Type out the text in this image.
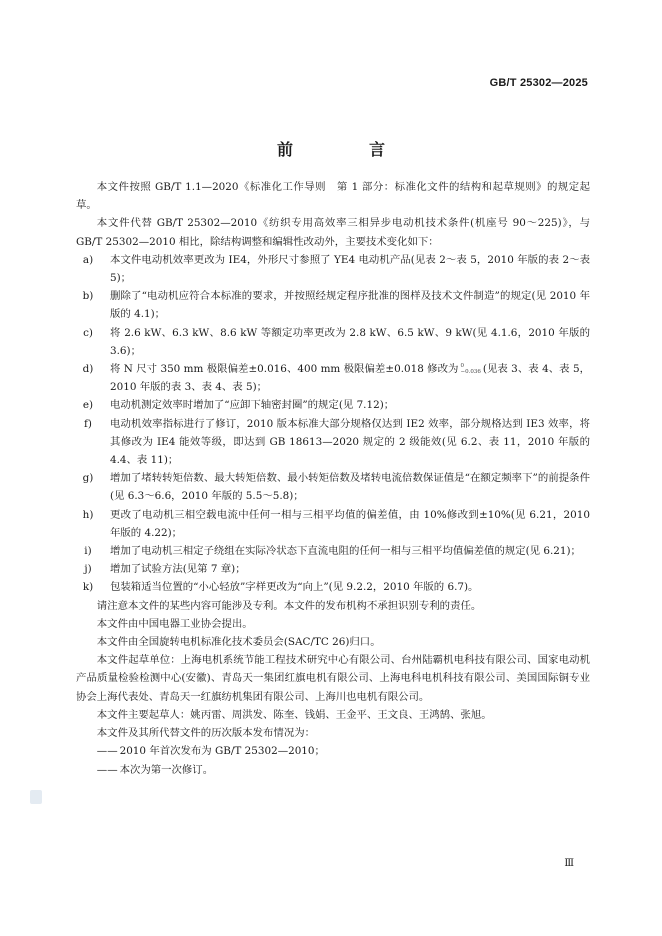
GB/T 25302—2025
前　言

本文件按照 GB/T 1.1—2020《标准化工作导则　第 1 部分：标准化文件的结构和起草规则》的规定起草。

本文件代替 GB/T 25302—2010《纺织专用高效率三相异步电动机技术条件(机座号 90～225)》，与 GB/T 25302—2010 相比，除结构调整和编辑性改动外，主要技术变化如下：

a)	本文件电动机效率更改为 IE4，外形尺寸参照了 YE4 电动机产品(见表 2～表 5，2010 年版的表 2～表 5)；

b)	删除了“电动机应符合本标准的要求，并按照经规定程序批准的图样及技术文件制造”的规定(见 2010 年版的 4.1)；

c)	将 2.6 kW、6.3 kW、8.6 kW 等额定功率更改为 2.8 kW、6.5 kW、9 kW(见 4.1.6，2010 年版的 3.6)；

d)	将 N 尺寸 350 mm 极限偏差±0.016、400 mm 极限偏差±0.018 修改为 0
−0.036 (见表 3、表 4、表 5，2010 年版的表 3、表 4、表 5)；

e)	电动机测定效率时增加了“应卸下轴密封圈”的规定(见 7.12)；

f)	电动机效率指标进行了修订，2010 版本标准大部分规格仅达到 IE2 效率，部分规格达到 IE3 效率，将其修改为 IE4 能效等级，即达到 GB 18613—2020 规定的 2 级能效(见 6.2、表 11，2010 年版的 4.4、表 11)；

g)	增加了堵转转矩倍数、最大转矩倍数、最小转矩倍数及堵转电流倍数保证值是“在额定频率下”的前提条件(见 6.3～6.6，2010 年版的 5.5～5.8)；

h)	更改了电动机三相空载电流中任何一相与三相平均值的偏差值，由 10%修改到±10%(见 6.21，2010 年版的 4.22)；

i)	增加了电动机三相定子绕组在实际冷状态下直流电阻的任何一相与三相平均值偏差值的规定(见 6.21)；

j)	增加了试验方法(见第 7 章)；

k)	包装箱适当位置的“小心轻放”字样更改为“向上”(见 9.2.2，2010 年版的 6.7)。

请注意本文件的某些内容可能涉及专利。本文件的发布机构不承担识别专利的责任。

本文件由中国电器工业协会提出。

本文件由全国旋转电机标准化技术委员会(SAC/TC 26)归口。

本文件起草单位：上海电机系统节能工程技术研究中心有限公司、台州陆霸机电科技有限公司、国家电动机产品质量检验检测中心(安徽)、青岛天一集团红旗电机有限公司、上海电科电机科技有限公司、美国国际铜专业协会上海代表处、青岛天一红旗纺机集团有限公司、上海川也电机有限公司。

本文件主要起草人：姚丙雷、周洪发、陈奎、钱娟、王金平、王文良、王鸿鹄、张旭。

本文件及其所代替文件的历次版本发布情况为：

—— 2010 年首次发布为 GB/T 25302—2010；

—— 本次为第一次修订。

Ⅲ
